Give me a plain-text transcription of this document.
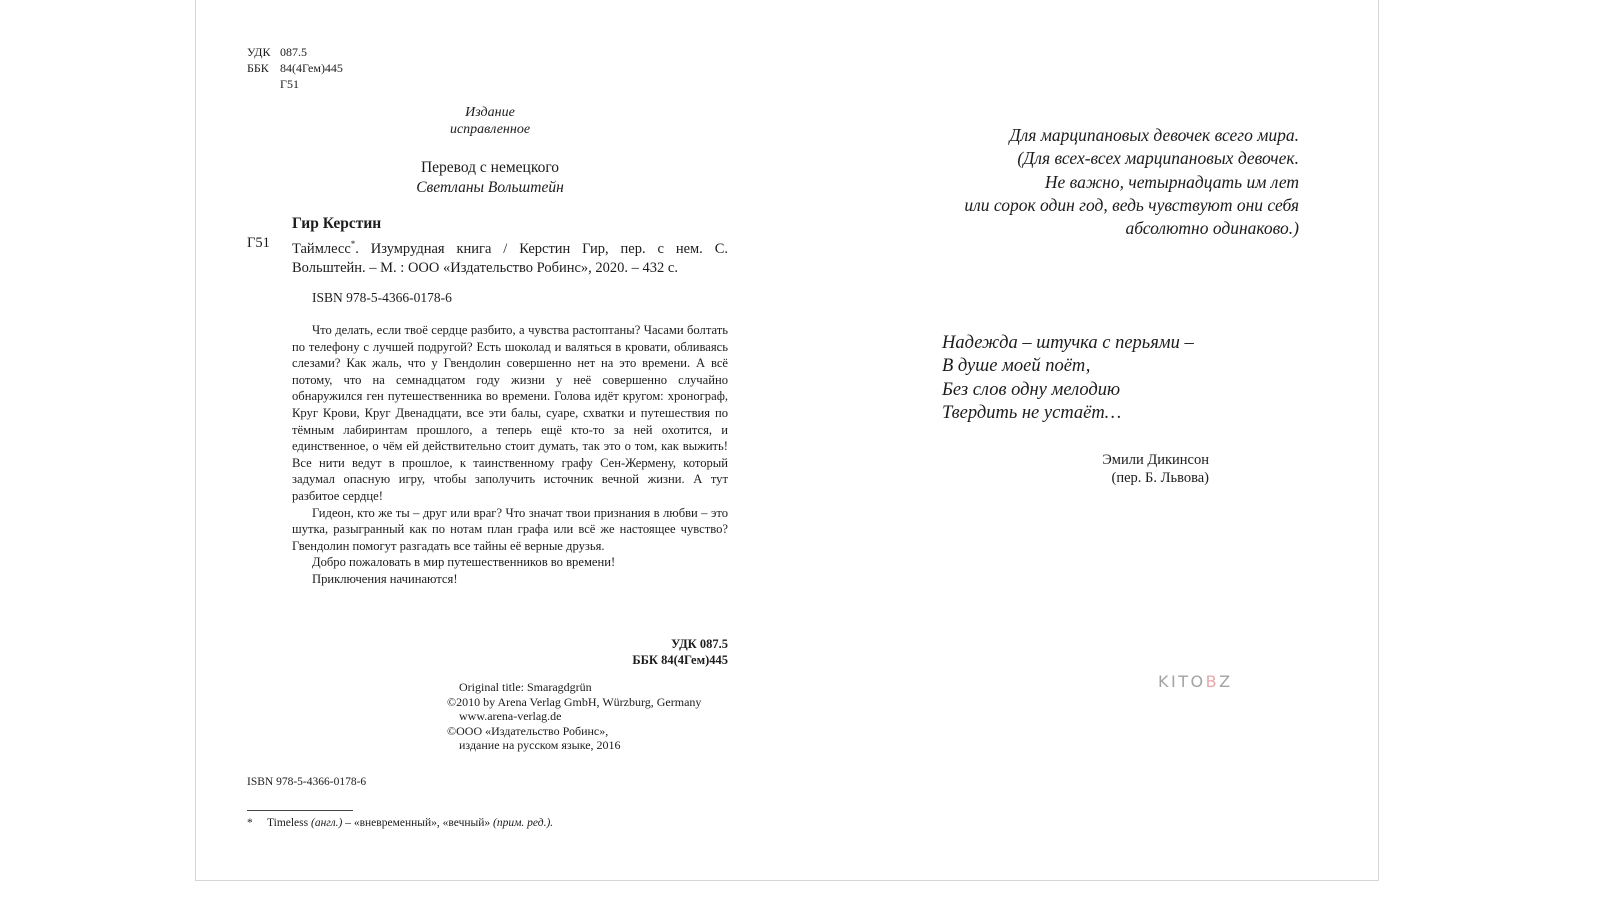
УДК 087.5
ББК 84(4Гем)445
Г51
Издание
исправленное
Перевод с немецкого
Светланы Вольштейн
Гир Керстин
Г51 Таймлесс*. Изумрудная книга / Керстин Гир, пер. с нем. С. Вольштейн. – М. : ООО «Издательство Робинс», 2020. – 432 с.
ISBN 978-5-4366-0178-6

Что делать, если твоё сердце разбито, а чувства растоптаны? Часами болтать по телефону с лучшей подругой? Есть шоколад и валяться в кровати, обливаясь слезами? Как жаль, что у Гвендолин совершенно нет на это времени. А всё потому, что на семнадцатом году жизни у неё совершенно случайно обнаружился ген путешественника во времени. Голова идёт кругом: хронограф, Круг Крови, Круг Двенадцати, все эти балы, суаре, схватки и путешествия по тёмным лабиринтам прошлого, а теперь ещё кто-то за ней охотится, и единственное, о чём ей действительно стоит думать, так это о том, как выжить! Все нити ведут в прошлое, к таинственному графу Сен-Жермену, который задумал опасную игру, чтобы заполучить источник вечной жизни. А тут разбитое сердце!

Гидеон, кто же ты – друг или враг? Что значат твои признания в любви – это шутка, разыгранный как по нотам план графа или всё же настоящее чувство? Гвендолин помогут разгадать все тайны её верные друзья.

Добро пожаловать в мир путешественников во времени!

Приключения начинаются!

УДК 087.5
ББК 84(4Гем)445
Original title: Smaragdgrün
©2010 by Arena Verlag GmbH, Würzburg, Germany
www.arena-verlag.de
©ООО «Издательство Робинс»,
издание на русском языке, 2016
ISBN 978-5-4366-0178-6
* Timeless (англ.) – «вневременный», «вечный» (прим. ред.).
Для марципановых девочек всего мира.
(Для всех-всех марципановых девочек.
Не важно, четырнадцать им лет
или сорок один год, ведь чувствуют они себя
абсолютно одинаково.)
Надежда – штучка с перьями –
В душе моей поёт,
Без слов одну мелодию
Твердить не устаёт…
Эмили Дикинсон
(пер. Б. Львова)
KITOBZ
